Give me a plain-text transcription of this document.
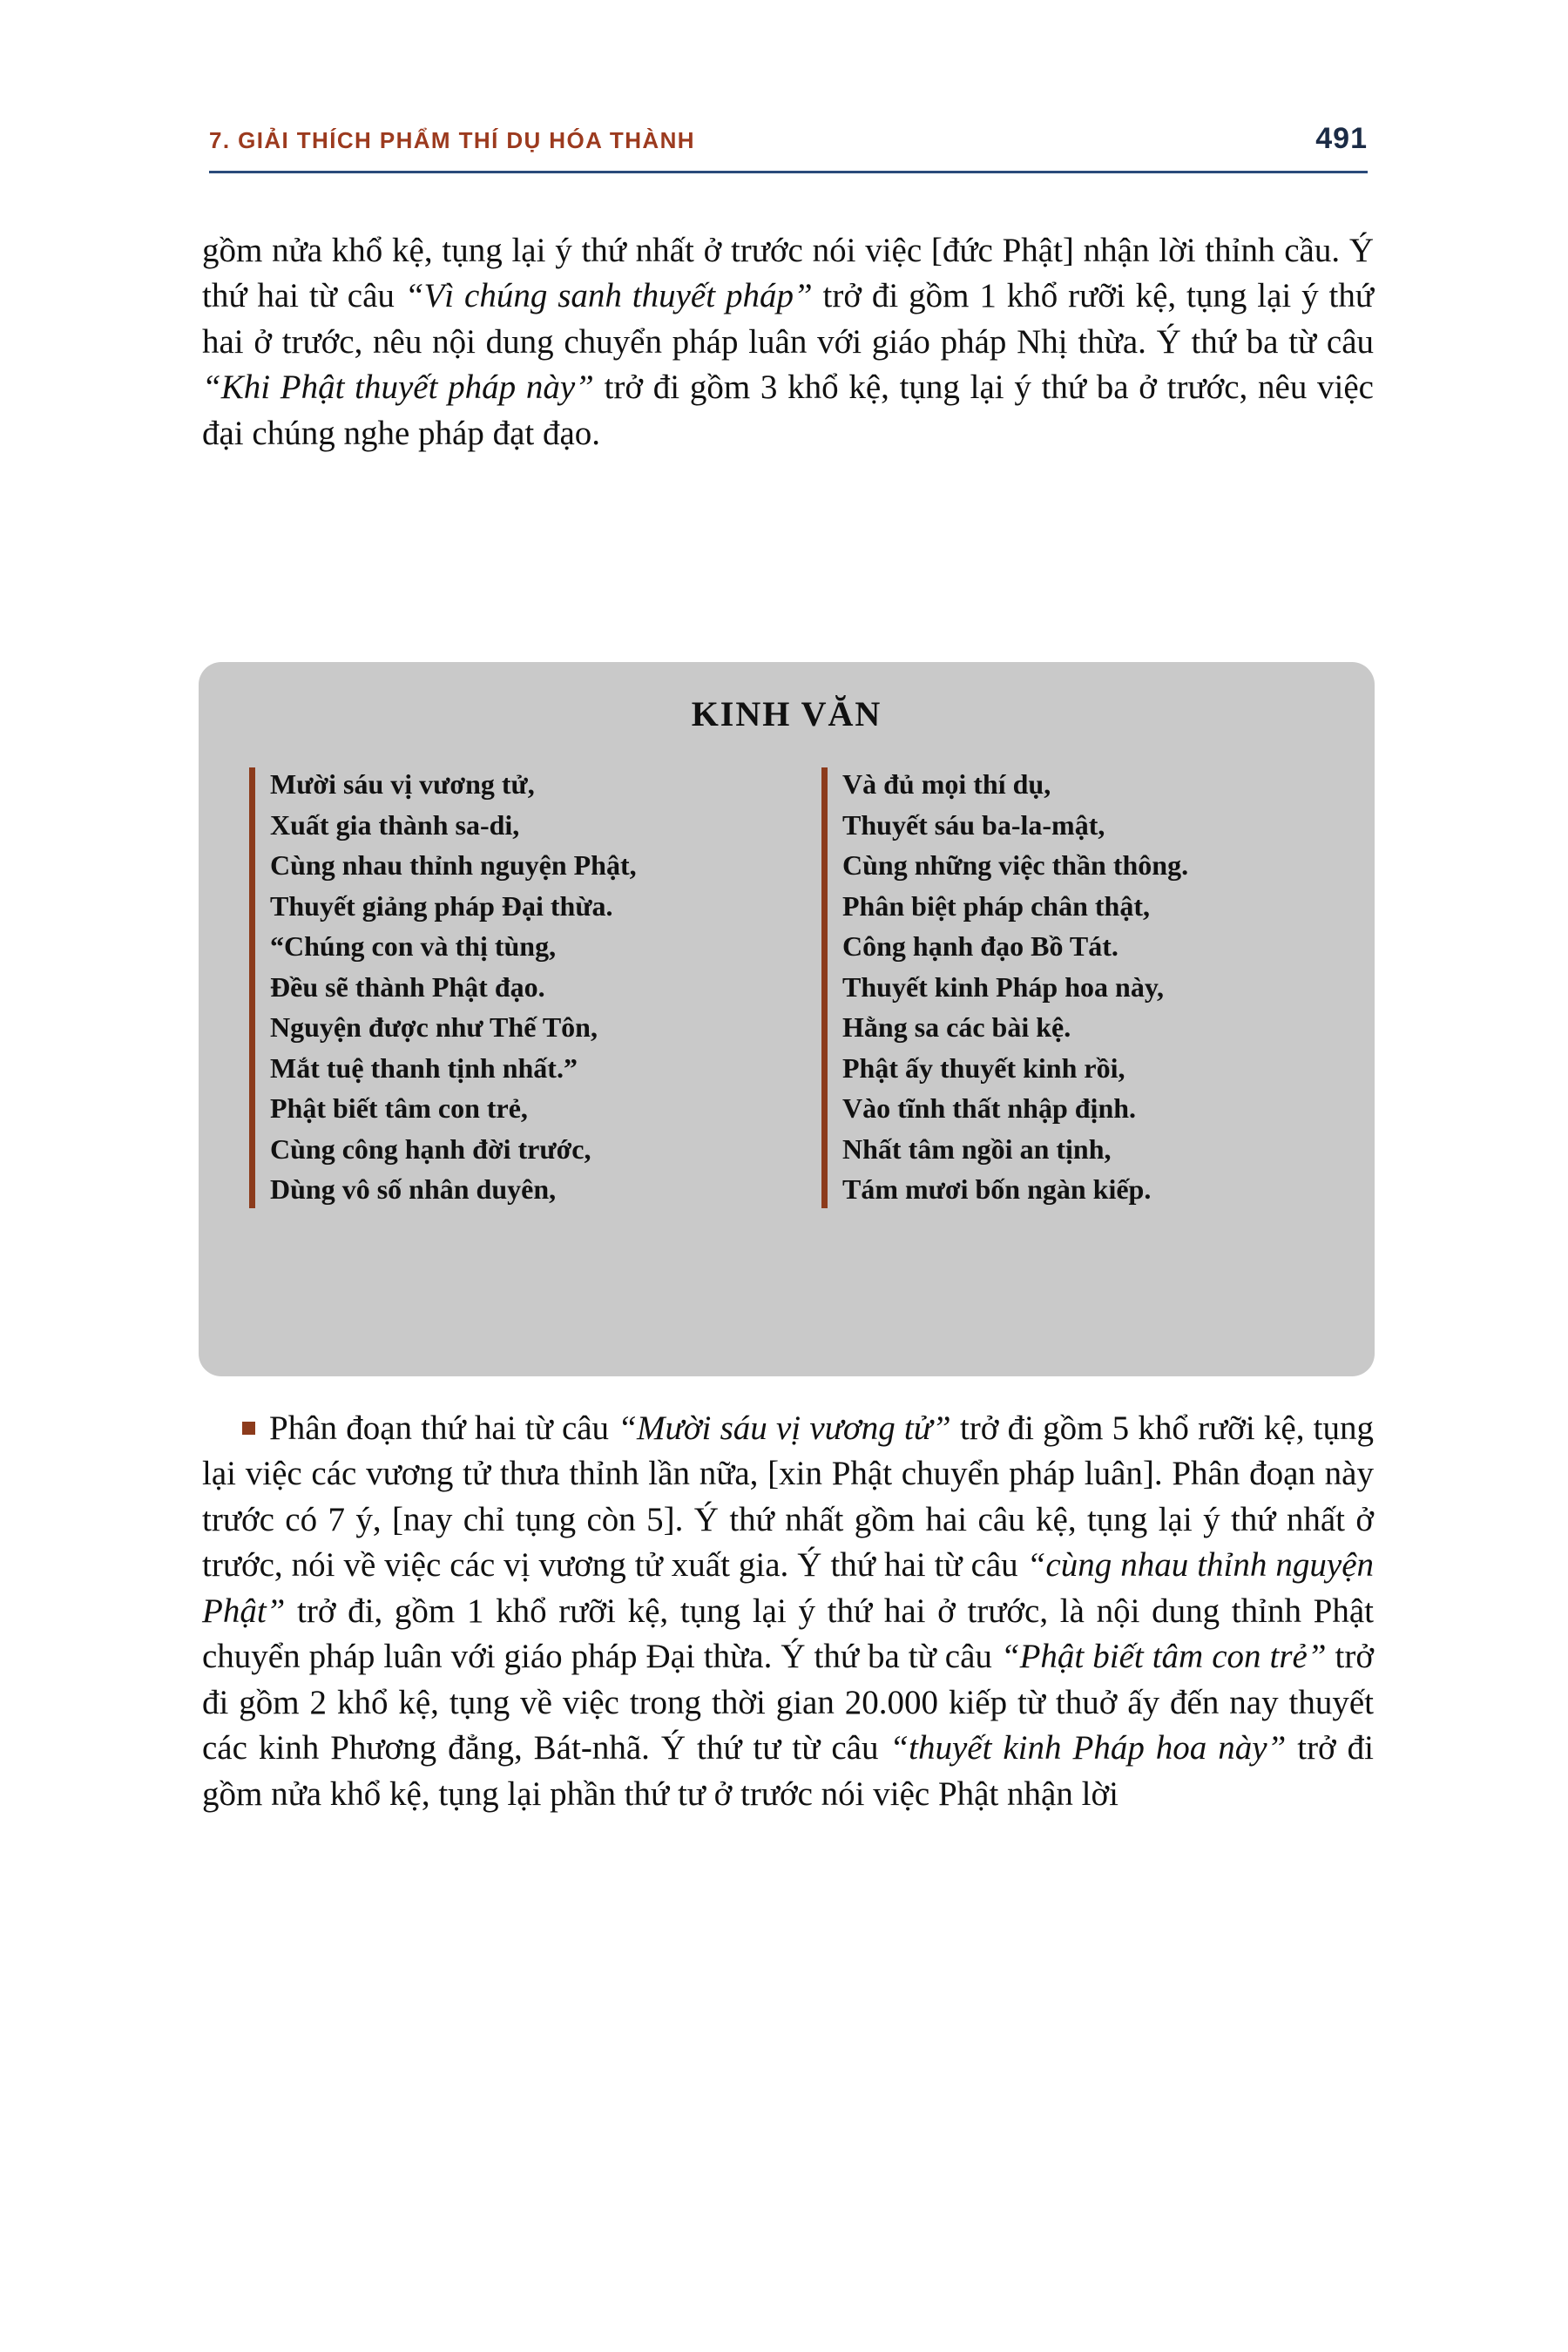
7. GIẢI THÍCH PHẨM THÍ DỤ HÓA THÀNH	491

gồm nửa khổ kệ, tụng lại ý thứ nhất ở trước nói việc [đức Phật] nhận lời thỉnh cầu. Ý thứ hai từ câu “Vì chúng sanh thuyết pháp” trở đi gồm 1 khổ rưỡi kệ, tụng lại ý thứ hai ở trước, nêu nội dung chuyển pháp luân với giáo pháp Nhị thừa. Ý thứ ba từ câu “Khi Phật thuyết pháp này” trở đi gồm 3 khổ kệ, tụng lại ý thứ ba ở trước, nêu việc đại chúng nghe pháp đạt đạo.

KINH VĂN
Mười sáu vị vương tử,
Xuất gia thành sa-di,
Cùng nhau thỉnh nguyện Phật,
Thuyết giảng pháp Đại thừa.
“Chúng con và thị tùng,
Đều sẽ thành Phật đạo.
Nguyện được như Thế Tôn,
Mắt tuệ thanh tịnh nhất.”
Phật biết tâm con trẻ,
Cùng công hạnh đời trước,
Dùng vô số nhân duyên,
Và đủ mọi thí dụ,
Thuyết sáu ba-la-mật,
Cùng những việc thần thông.
Phân biệt pháp chân thật,
Công hạnh đạo Bồ Tát.
Thuyết kinh Pháp hoa này,
Hằng sa các bài kệ.
Phật ấy thuyết kinh rồi,
Vào tĩnh thất nhập định.
Nhất tâm ngồi an tịnh,
Tám mươi bốn ngàn kiếp.

Phân đoạn thứ hai từ câu “Mười sáu vị vương tử” trở đi gồm 5 khổ rưỡi kệ, tụng lại việc các vương tử thưa thỉnh lần nữa, [xin Phật chuyển pháp luân]. Phân đoạn này trước có 7 ý, [nay chỉ tụng còn 5]. Ý thứ nhất gồm hai câu kệ, tụng lại ý thứ nhất ở trước, nói về việc các vị vương tử xuất gia. Ý thứ hai từ câu “cùng nhau thỉnh nguyện Phật” trở đi, gồm 1 khổ rưỡi kệ, tụng lại ý thứ hai ở trước, là nội dung thỉnh Phật chuyển pháp luân với giáo pháp Đại thừa. Ý thứ ba từ câu “Phật biết tâm con trẻ” trở đi gồm 2 khổ kệ, tụng về việc trong thời gian 20.000 kiếp từ thuở ấy đến nay thuyết các kinh Phương đẳng, Bát-nhã. Ý thứ tư từ câu “thuyết kinh Pháp hoa này” trở đi gồm nửa khổ kệ, tụng lại phần thứ tư ở trước nói việc Phật nhận lời
